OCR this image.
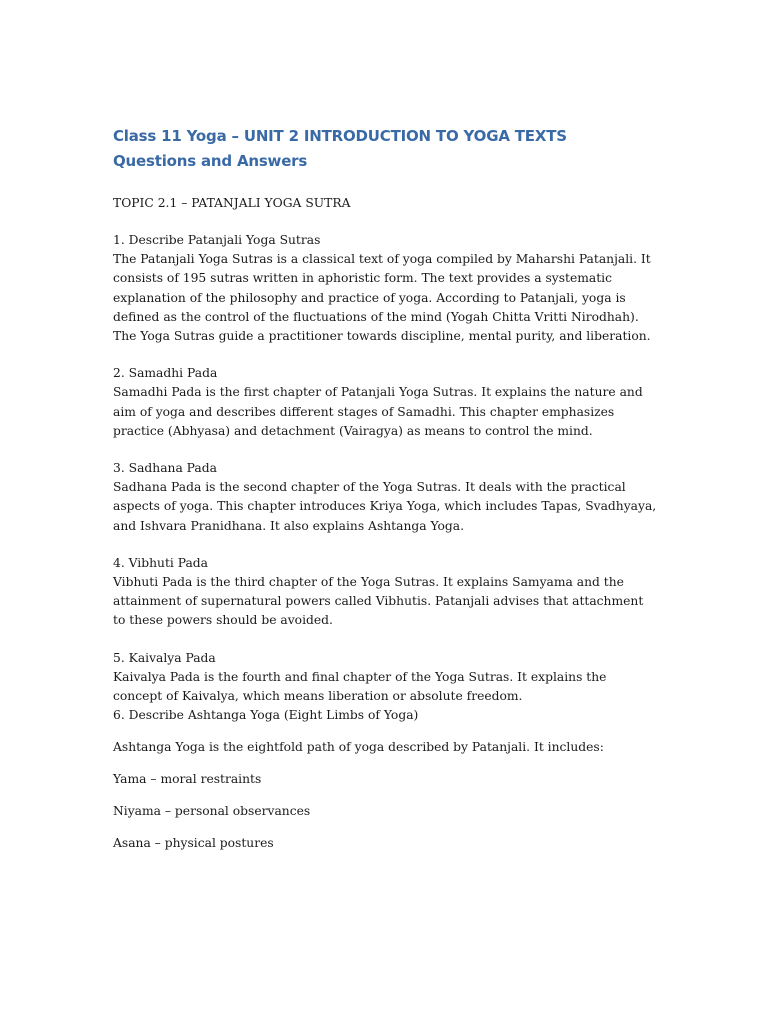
Class 11 Yoga – UNIT 2 INTRODUCTION TO YOGA TEXTS
Questions and Answers

TOPIC 2.1 – PATANJALI YOGA SUTRA

1. Describe Patanjali Yoga Sutras
The Patanjali Yoga Sutras is a classical text of yoga compiled by Maharshi Patanjali. It consists of 195 sutras written in aphoristic form. The text provides a systematic explanation of the philosophy and practice of yoga. According to Patanjali, yoga is defined as the control of the fluctuations of the mind (Yogah Chitta Vritti Nirodhah). The Yoga Sutras guide a practitioner towards discipline, mental purity, and liberation.
2. Samadhi Pada
Samadhi Pada is the first chapter of Patanjali Yoga Sutras. It explains the nature and aim of yoga and describes different stages of Samadhi. This chapter emphasizes practice (Abhyasa) and detachment (Vairagya) as means to control the mind.
3. Sadhana Pada
Sadhana Pada is the second chapter of the Yoga Sutras. It deals with the practical aspects of yoga. This chapter introduces Kriya Yoga, which includes Tapas, Svadhyaya, and Ishvara Pranidhana. It also explains Ashtanga Yoga.
4. Vibhuti Pada
Vibhuti Pada is the third chapter of the Yoga Sutras. It explains Samyama and the attainment of supernatural powers called Vibhutis. Patanjali advises that attachment to these powers should be avoided.
5. Kaivalya Pada
Kaivalya Pada is the fourth and final chapter of the Yoga Sutras. It explains the concept of Kaivalya, which means liberation or absolute freedom.

6. Describe Ashtanga Yoga (Eight Limbs of Yoga)

Ashtanga Yoga is the eightfold path of yoga described by Patanjali. It includes:

Yama – moral restraints

Niyama – personal observances

Asana – physical postures
